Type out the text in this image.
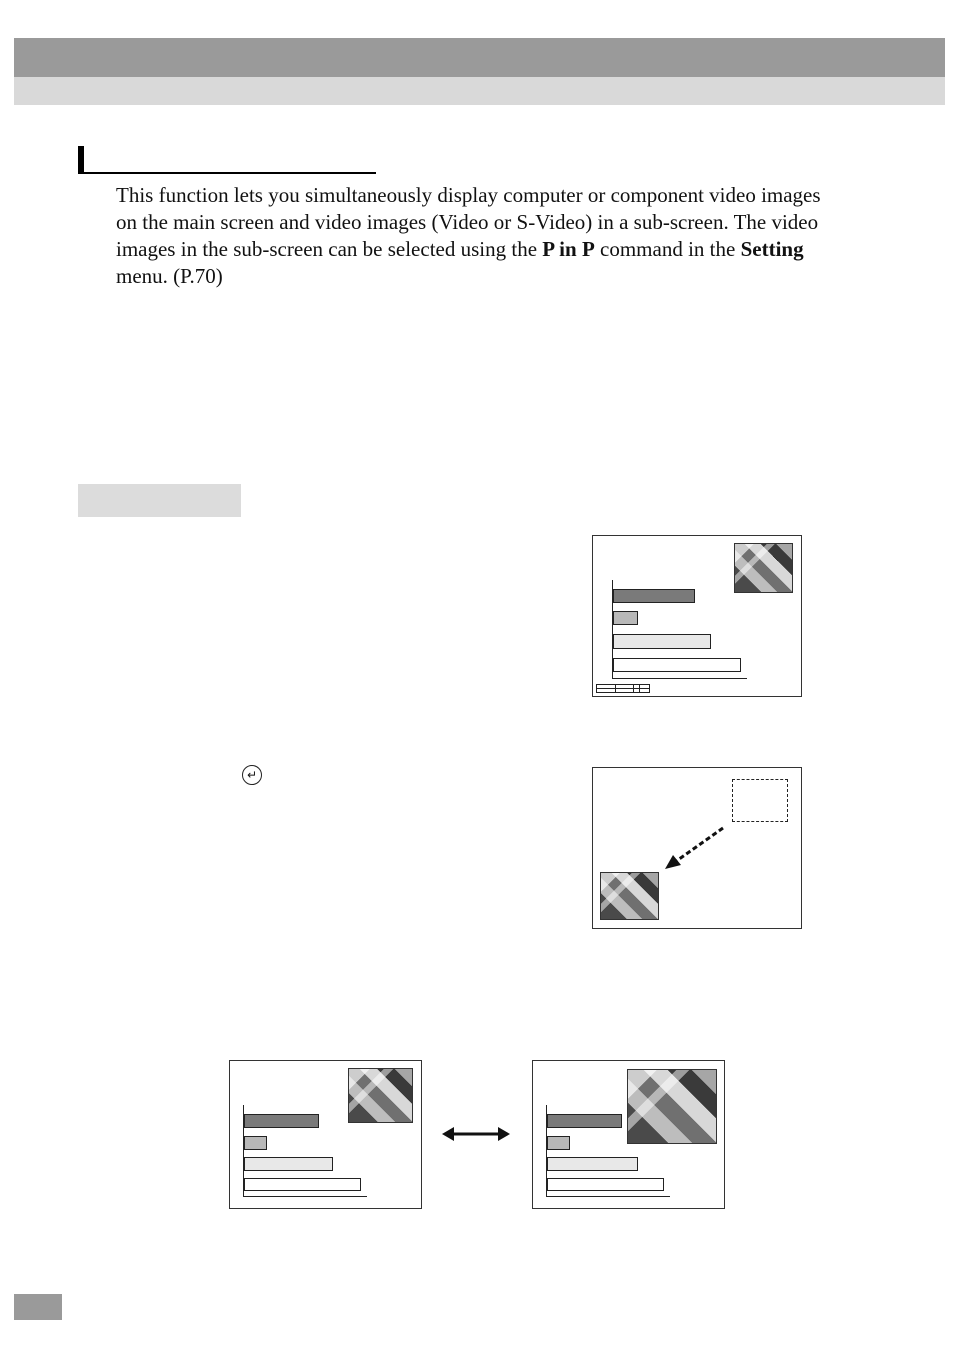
This function lets you simultaneously display computer or component video images on the main screen and video images (Video or S-Video) in a sub-screen. The video images in the sub-screen can be selected using the P in P command in the Setting menu. (P.70)

↵
